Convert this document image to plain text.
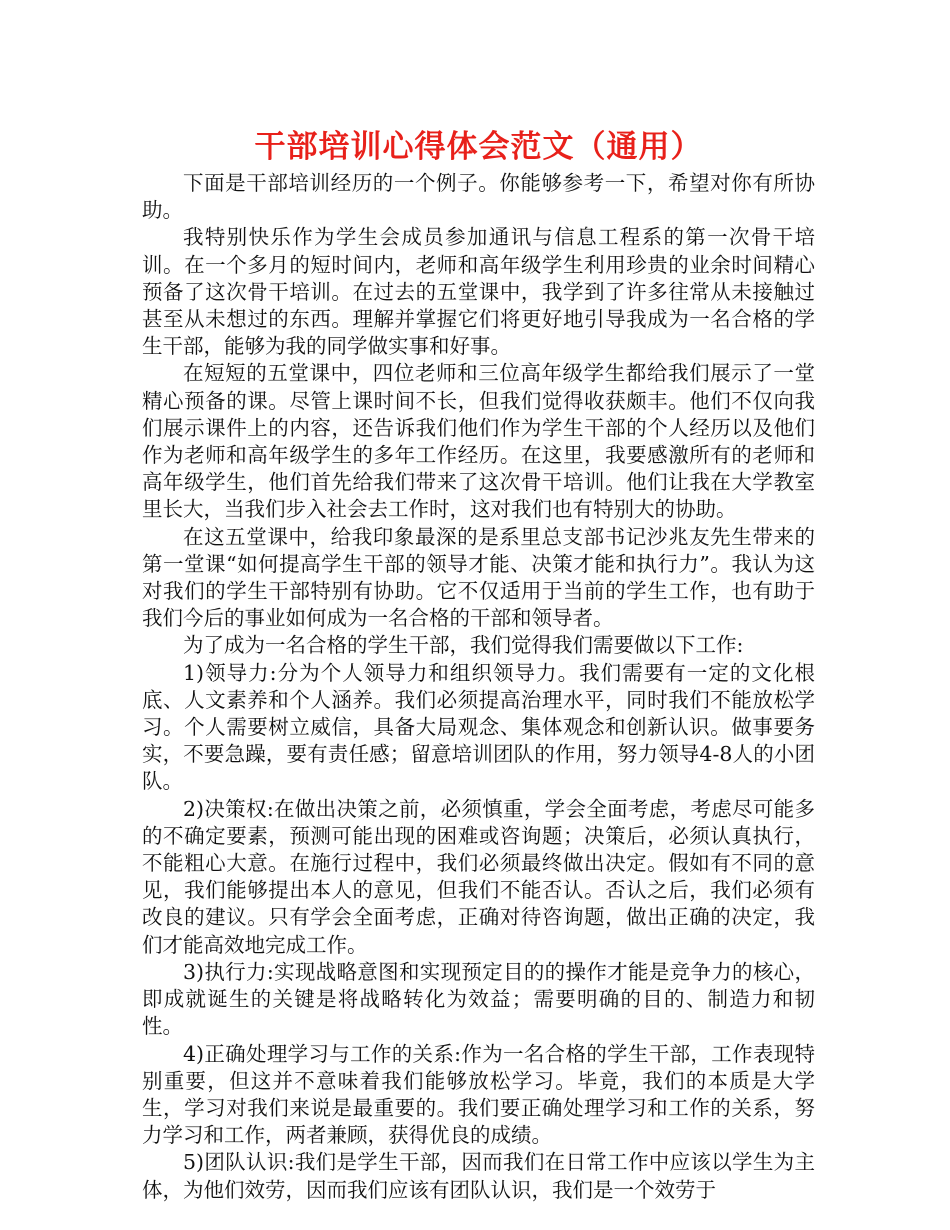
干部培训心得体会范文（通用）

下面是干部培训经历的一个例子。你能够参考一下，希望对你有所协助。

我特别快乐作为学生会成员参加通讯与信息工程系的第一次骨干培训。在一个多月的短时间内，老师和高年级学生利用珍贵的业余时间精心预备了这次骨干培训。在过去的五堂课中，我学到了许多往常从未接触过甚至从未想过的东西。理解并掌握它们将更好地引导我成为一名合格的学生干部，能够为我的同学做实事和好事。

在短短的五堂课中，四位老师和三位高年级学生都给我们展示了一堂精心预备的课。尽管上课时间不长，但我们觉得收获颇丰。他们不仅向我们展示课件上的内容，还告诉我们他们作为学生干部的个人经历以及他们作为老师和高年级学生的多年工作经历。在这里，我要感激所有的老师和高年级学生，他们首先给我们带来了这次骨干培训。他们让我在大学教室里长大，当我们步入社会去工作时，这对我们也有特别大的协助。

在这五堂课中，给我印象最深的是系里总支部书记沙兆友先生带来的第一堂课“如何提高学生干部的领导才能、决策才能和执行力”。我认为这对我们的学生干部特别有协助。它不仅适用于当前的学生工作，也有助于我们今后的事业如何成为一名合格的干部和领导者。

为了成为一名合格的学生干部，我们觉得我们需要做以下工作:

1)领导力:分为个人领导力和组织领导力。我们需要有一定的文化根底、人文素养和个人涵养。我们必须提高治理水平，同时我们不能放松学习。个人需要树立威信，具备大局观念、集体观念和创新认识。做事要务实，不要急躁，要有责任感；留意培训团队的作用，努力领导4-8人的小团队。

2)决策权:在做出决策之前，必须慎重，学会全面考虑，考虑尽可能多的不确定要素，预测可能出现的困难或咨询题；决策后，必须认真执行，不能粗心大意。在施行过程中，我们必须最终做出决定。假如有不同的意见，我们能够提出本人的意见，但我们不能否认。否认之后，我们必须有改良的建议。只有学会全面考虑，正确对待咨询题，做出正确的决定，我们才能高效地完成工作。

3)执行力:实现战略意图和实现预定目的的操作才能是竞争力的核心，即成就诞生的关键是将战略转化为效益；需要明确的目的、制造力和韧性。

4)正确处理学习与工作的关系:作为一名合格的学生干部，工作表现特别重要，但这并不意味着我们能够放松学习。毕竟，我们的本质是大学生，学习对我们来说是最重要的。我们要正确处理学习和工作的关系，努力学习和工作，两者兼顾，获得优良的成绩。

5)团队认识:我们是学生干部，因而我们在日常工作中应该以学生为主体，为他们效劳，因而我们应该有团队认识，我们是一个效劳于
